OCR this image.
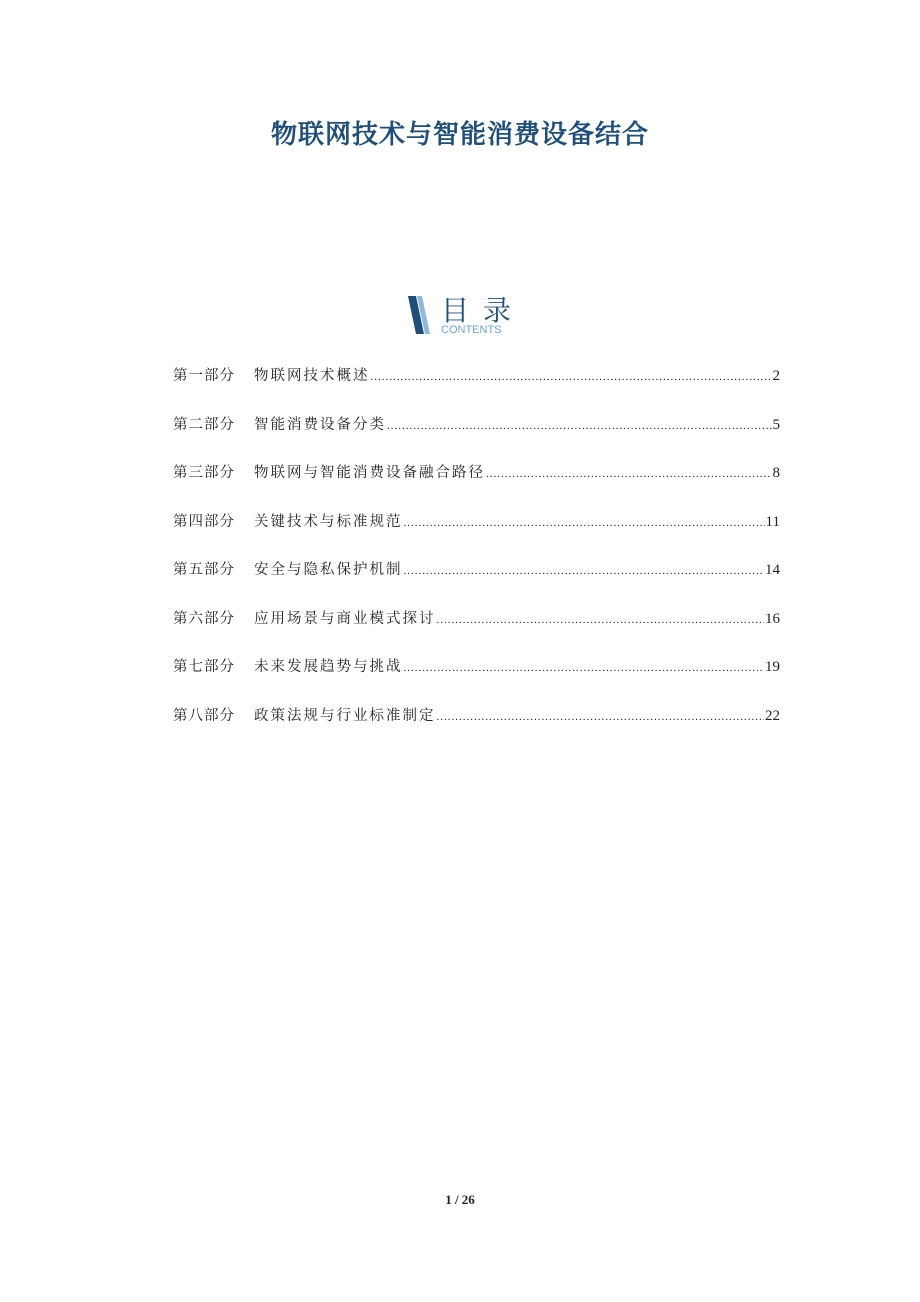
物联网技术与智能消费设备结合
目录
CONTENTS
第一部分	物联网技术概述 .....	2
第二部分	智能消费设备分类 .....	5
第三部分	物联网与智能消费设备融合路径 .....	8
第四部分	关键技术与标准规范 .....	11
第五部分	安全与隐私保护机制 .....	14
第六部分	应用场景与商业模式探讨 .....	16
第七部分	未来发展趋势与挑战 .....	19
第八部分	政策法规与行业标准制定 .....	22
1 / 26
